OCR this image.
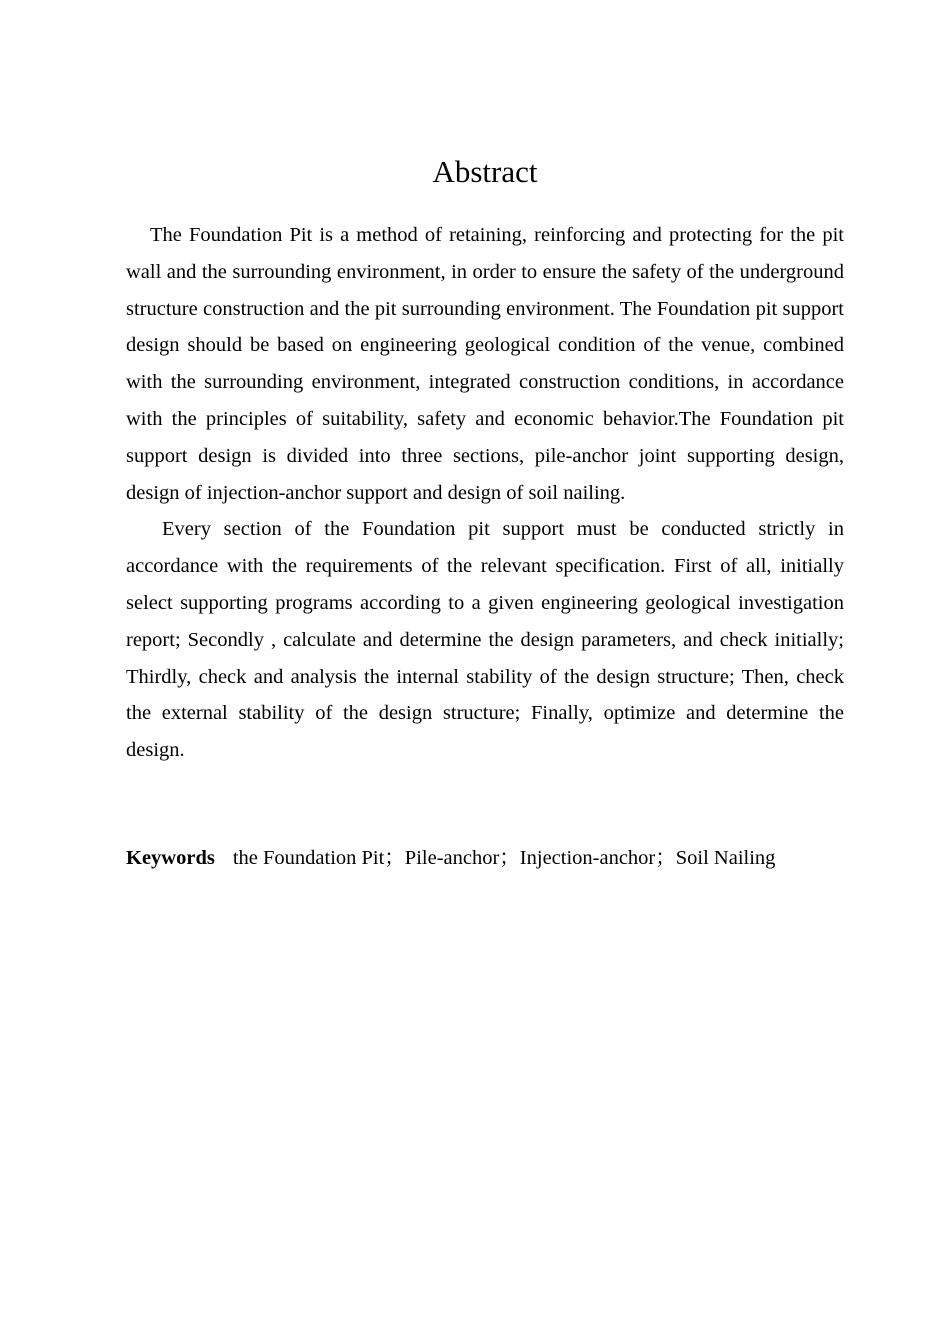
Abstract

The Foundation Pit is a method of retaining, reinforcing and protecting for the pit wall and the surrounding environment, in order to ensure the safety of the underground structure construction and the pit surrounding environment. The Foundation pit support design should be based on engineering geological condition of the venue, combined with the surrounding environment, integrated construction conditions, in accordance with the principles of suitability, safety and economic behavior.The Foundation pit support design is divided into three sections, pile-anchor joint supporting design, design of injection-anchor support and design of soil nailing.

Every section of the Foundation pit support must be conducted strictly in accordance with the requirements of the relevant specification. First of all, initially select supporting programs according to a given engineering geological investigation report; Secondly , calculate and determine the design parameters, and check initially; Thirdly, check and analysis the internal stability of the design structure; Then, check the external stability of the design structure; Finally, optimize and determine the design.

Keywords the Foundation Pit；Pile-anchor；Injection-anchor；Soil Nailing
